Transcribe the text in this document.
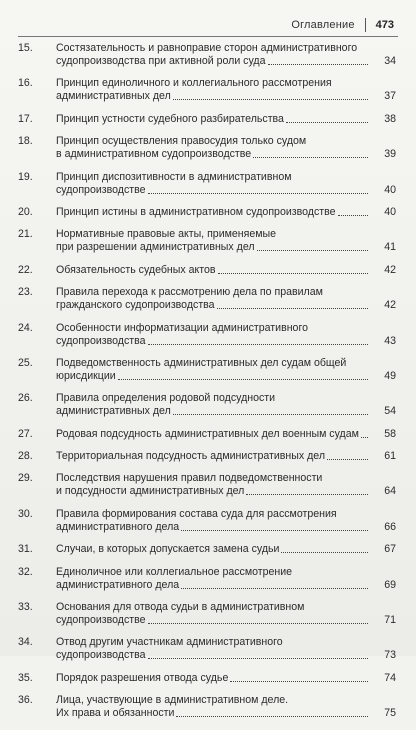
Оглавление 473
15.	Состязательность и равноправие сторон административного
судопроизводства при активной роли суда	34
16.	Принцип единоличного и коллегиального рассмотрения
административных дел	37
17.	Принцип устности судебного разбирательства	38
18.	Принцип осуществления правосудия только судом
в административном судопроизводстве	39
19.	Принцип диспозитивности в административном
судопроизводстве	40
20.	Принцип истины в административном судопроизводстве	40
21.	Нормативные правовые акты, применяемые
при разрешении административных дел	41
22.	Обязательность судебных актов	42
23.	Правила перехода к рассмотрению дела по правилам
гражданского судопроизводства	42
24.	Особенности информатизации административного
судопроизводства	43
25.	Подведомственность административных дел судам общей
юрисдикции	49
26.	Правила определения родовой подсудности
административных дел	54
27.	Родовая подсудность административных дел военным судам	58
28.	Территориальная подсудность административных дел	61
29.	Последствия нарушения правил подведомственности
и подсудности административных дел	64
30.	Правила формирования состава суда для рассмотрения
административного дела	66
31.	Случаи, в которых допускается замена судьи	67
32.	Единоличное или коллегиальное рассмотрение
административного дела	69
33.	Основания для отвода судьи в административном
судопроизводстве	71
34.	Отвод другим участникам административного
судопроизводства	73
35.	Порядок разрешения отвода судье	74
36.	Лица, участвующие в административном деле.
Их права и обязанности	75
